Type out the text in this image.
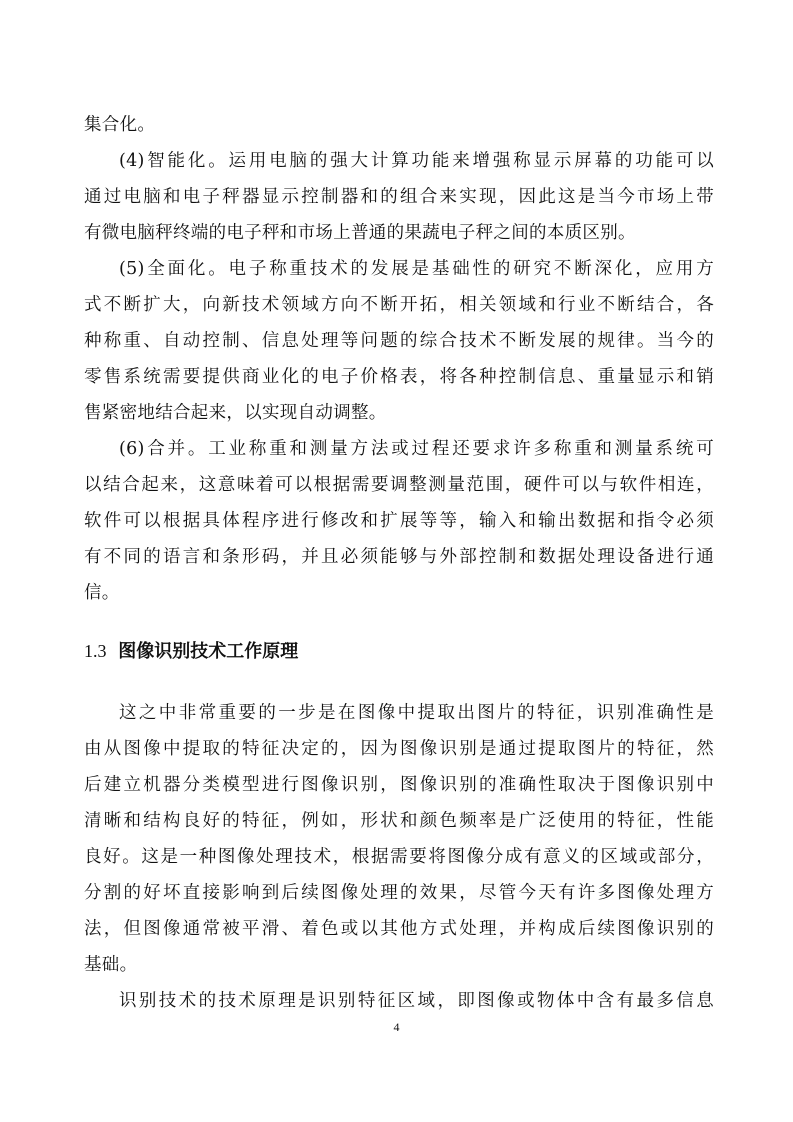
集合化。
(4)智能化。运用电脑的强大计算功能来增强称显示屏幕的功能可以
通过电脑和电子秤器显示控制器和的组合来实现，因此这是当今市场上带
有微电脑秤终端的电子秤和市场上普通的果蔬电子秤之间的本质区别。
(5)全面化。电子称重技术的发展是基础性的研究不断深化，应用方
式不断扩大，向新技术领域方向不断开拓，相关领域和行业不断结合，各
种称重、自动控制、信息处理等问题的综合技术不断发展的规律。当今的
零售系统需要提供商业化的电子价格表，将各种控制信息、重量显示和销
售紧密地结合起来，以实现自动调整。
(6)合并。工业称重和测量方法或过程还要求许多称重和测量系统可
以结合起来，这意味着可以根据需要调整测量范围，硬件可以与软件相连，
软件可以根据具体程序进行修改和扩展等等，输入和输出数据和指令必须
有不同的语言和条形码，并且必须能够与外部控制和数据处理设备进行通
信。
1.3 图像识别技术工作原理
这之中非常重要的一步是在图像中提取出图片的特征，识别准确性是
由从图像中提取的特征决定的，因为图像识别是通过提取图片的特征，然
后建立机器分类模型进行图像识别，图像识别的准确性取决于图像识别中
清晰和结构良好的特征，例如，形状和颜色频率是广泛使用的特征，性能
良好。这是一种图像处理技术，根据需要将图像分成有意义的区域或部分，
分割的好坏直接影响到后续图像处理的效果，尽管今天有许多图像处理方
法，但图像通常被平滑、着色或以其他方式处理，并构成后续图像识别的
基础。
识别技术的技术原理是识别特征区域，即图像或物体中含有最多信息
4
